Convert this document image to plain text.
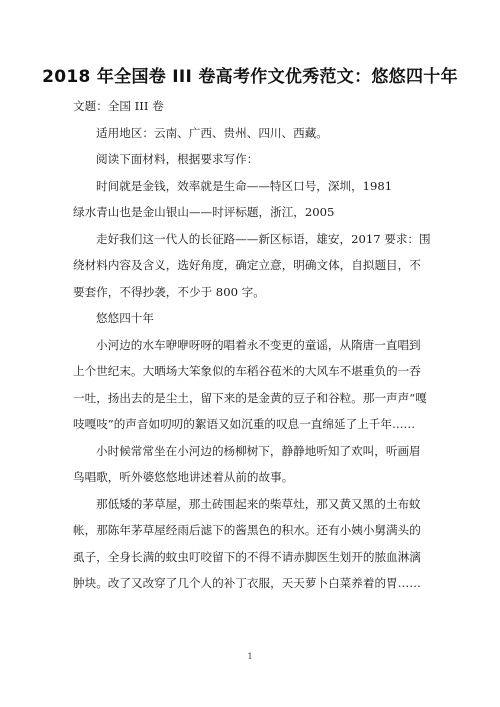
2018 年全国卷 III 卷高考作文优秀范文：悠悠四十年

文题：全国 III 卷

适用地区：云南、广西、贵州、四川、西藏。

阅读下面材料，根据要求写作：

时间就是金钱，效率就是生命——特区口号，深圳，1981

绿水青山也是金山银山——时评标题，浙江，2005

走好我们这一代人的长征路——新区标语，雄安，2017 要求：围绕材料内容及含义，选好角度，确定立意，明确文体，自拟题目，不要套作，不得抄袭，不少于 800 字。

悠悠四十年

小河边的水车咿咿呀呀的唱着永不变更的童谣，从隋唐一直唱到上个世纪末。大晒场大笨象似的车稻谷苞米的大风车不堪重负的一吞一吐，扬出去的是尘土，留下来的是金黄的豆子和谷粒。那一声声“嘎吱嘎吱”的声音如叨叨的絮语又如沉重的叹息一直绵延了上千年……

小时候常常坐在小河边的杨柳树下，静静地听知了欢叫，听画眉鸟唱歌，听外婆悠悠地讲述着从前的故事。

那低矮的茅草屋，那土砖围起来的柴草灶，那又黄又黑的土布蚊帐，那陈年茅草屋经雨后滤下的酱黑色的积水。还有小姨小舅满头的虱子，全身长满的蚊虫叮咬留下的不得不请赤脚医生划开的脓血淋漓肿块。改了又改穿了几个人的补丁衣服，天天萝卜白菜养着的胃……

1
